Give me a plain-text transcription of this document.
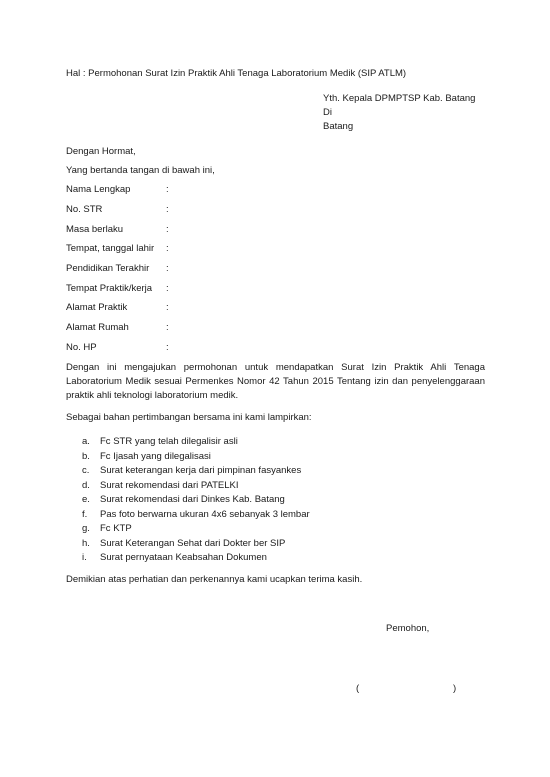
Hal : Permohonan Surat Izin Praktik Ahli Tenaga Laboratorium Medik (SIP ATLM)
Yth. Kepala DPMPTSP Kab. Batang
Di
Batang
Dengan Hormat,
Yang bertanda tangan di bawah ini,
Nama Lengkap	:
No. STR	:
Masa berlaku	:
Tempat, tanggal lahir :
Pendidikan Terakhir :
Tempat Praktik/kerja :
Alamat Praktik	:
Alamat Rumah	:
No. HP	:
Dengan ini mengajukan permohonan untuk mendapatkan Surat Izin Praktik Ahli Tenaga Laboratorium Medik sesuai Permenkes Nomor 42 Tahun 2015 Tentang izin dan penyelenggaraan praktik ahli teknologi laboratorium medik.
Sebagai bahan pertimbangan bersama ini kami lampirkan:
a. Fc STR yang telah dilegalisir asli
b. Fc Ijasah yang dilegalisasi
c. Surat keterangan kerja dari pimpinan fasyankes
d. Surat rekomendasi dari PATELKI
e. Surat rekomendasi dari Dinkes Kab. Batang
f. Pas foto berwarna ukuran 4x6 sebanyak 3 lembar
g. Fc KTP
h. Surat Keterangan Sehat dari Dokter ber SIP
i. Surat pernyataan Keabsahan Dokumen
Demikian atas perhatian dan perkenannya kami ucapkan terima kasih.
Pemohon,
(	)
